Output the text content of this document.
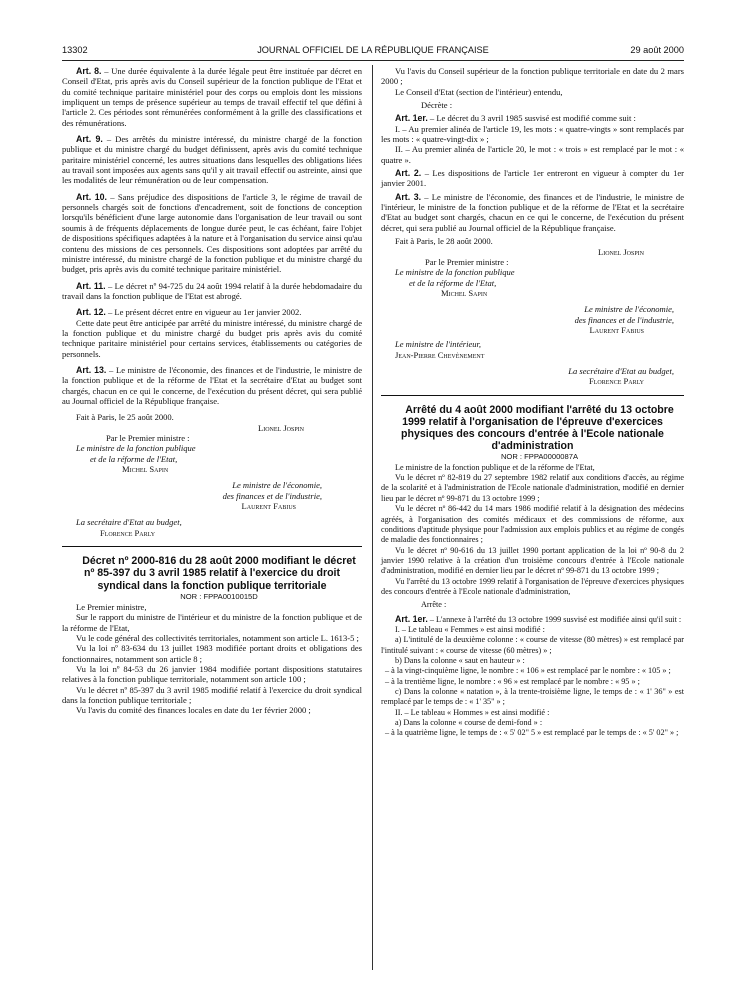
13302	JOURNAL OFFICIEL DE LA RÉPUBLIQUE FRANÇAISE	29 août 2000

Art. 8. – Une durée équivalente à la durée légale peut être instituée par décret en Conseil d'Etat, pris après avis du Conseil supérieur de la fonction publique de l'Etat et du comité technique paritaire ministériel pour des corps ou emplois dont les missions impliquent un temps de présence supérieur au temps de travail effectif tel que défini à l'article 2. Ces périodes sont rémunérées conformément à la grille des classifications et des rémunérations.

Art. 9. – Des arrêtés du ministre intéressé, du ministre chargé de la fonction publique et du ministre chargé du budget définissent, après avis du comité technique paritaire ministériel concerné, les autres situations dans lesquelles des obligations liées au travail sont imposées aux agents sans qu'il y ait travail effectif ou astreinte, ainsi que les modalités de leur rémunération ou de leur compensation.

Art. 10. – Sans préjudice des dispositions de l'article 3, le régime de travail de personnels chargés soit de fonctions d'encadrement, soit de fonctions de conception lorsqu'ils bénéficient d'une large autonomie dans l'organisation de leur travail ou sont soumis à de fréquents déplacements de longue durée peut, le cas échéant, faire l'objet de dispositions spécifiques adaptées à la nature et à l'organisation du service ainsi qu'au contenu des missions de ces personnels. Ces dispositions sont adoptées par arrêté du ministre intéressé, du ministre chargé de la fonction publique et du ministre chargé du budget, pris après avis du comité technique paritaire ministériel.

Art. 11. – Le décret nº 94-725 du 24 août 1994 relatif à la durée hebdomadaire du travail dans la fonction publique de l'Etat est abrogé.

Art. 12. – Le présent décret entre en vigueur au 1er janvier 2002.

Cette date peut être anticipée par arrêté du ministre intéressé, du ministre chargé de la fonction publique et du ministre chargé du budget pris après avis du comité technique paritaire ministériel pour certains services, établissements ou catégories de personnels.

Art. 13. – Le ministre de l'économie, des finances et de l'industrie, le ministre de la fonction publique et de la réforme de l'Etat et la secrétaire d'Etat au budget sont chargés, chacun en ce qui le concerne, de l'exécution du présent décret, qui sera publié au Journal officiel de la République française.

Fait à Paris, le 25 août 2000.

Lionel Jospin

Par le Premier ministre :

Le ministre de la fonction publique

et de la réforme de l'Etat,

Michel Sapin

Le ministre de l'économie,

des finances et de l'industrie,

Laurent Fabius

La secrétaire d'Etat au budget,

Florence Parly

Décret nº 2000-816 du 28 août 2000 modifiant le décret nº 85-397 du 3 avril 1985 relatif à l'exercice du droit syndical dans la fonction publique territoriale

NOR : FPPA0010015D

Le Premier ministre,

Sur le rapport du ministre de l'intérieur et du ministre de la fonction publique et de la réforme de l'Etat,

Vu le code général des collectivités territoriales, notamment son article L. 1613-5 ;

Vu la loi nº 83-634 du 13 juillet 1983 modifiée portant droits et obligations des fonctionnaires, notamment son article 8 ;

Vu la loi nº 84-53 du 26 janvier 1984 modifiée portant dispositions statutaires relatives à la fonction publique territoriale, notamment son article 100 ;

Vu le décret nº 85-397 du 3 avril 1985 modifié relatif à l'exercice du droit syndical dans la fonction publique territoriale ;

Vu l'avis du comité des finances locales en date du 1er février 2000 ;

Vu l'avis du Conseil supérieur de la fonction publique territoriale en date du 2 mars 2000 ;

Le Conseil d'Etat (section de l'intérieur) entendu,

Décrète :

Art. 1er. – Le décret du 3 avril 1985 susvisé est modifié comme suit :

I. – Au premier alinéa de l'article 19, les mots : « quatre-vingts » sont remplacés par les mots : « quatre-vingt-dix » ;

II. – Au premier alinéa de l'article 20, le mot : « trois » est remplacé par le mot : « quatre ».

Art. 2. – Les dispositions de l'article 1er entreront en vigueur à compter du 1er janvier 2001.

Art. 3. – Le ministre de l'économie, des finances et de l'industrie, le ministre de l'intérieur, le ministre de la fonction publique et de la réforme de l'Etat et la secrétaire d'Etat au budget sont chargés, chacun en ce qui le concerne, de l'exécution du présent décret, qui sera publié au Journal officiel de la République française.

Fait à Paris, le 28 août 2000.

Lionel Jospin

Par le Premier ministre :

Le ministre de la fonction publique

et de la réforme de l'Etat,

Michel Sapin

Le ministre de l'économie,

des finances et de l'industrie,

Laurent Fabius

Le ministre de l'intérieur,

Jean-Pierre Chevènement

La secrétaire d'Etat au budget,

Florence Parly

Arrêté du 4 août 2000 modifiant l'arrêté du 13 octobre 1999 relatif à l'organisation de l'épreuve d'exercices physiques des concours d'entrée à l'Ecole nationale d'administration

NOR : FPPA0000087A

Le ministre de la fonction publique et de la réforme de l'Etat,

Vu le décret nº 82-819 du 27 septembre 1982 relatif aux conditions d'accès, au régime de la scolarité et à l'administration de l'Ecole nationale d'administration, modifié en dernier lieu par le décret nº 99-871 du 13 octobre 1999 ;

Vu le décret nº 86-442 du 14 mars 1986 modifié relatif à la désignation des médecins agréés, à l'organisation des comités médicaux et des commissions de réforme, aux conditions d'aptitude physique pour l'admission aux emplois publics et au régime de congés de maladie des fonctionnaires ;

Vu le décret nº 90-616 du 13 juillet 1990 portant application de la loi nº 90-8 du 2 janvier 1990 relative à la création d'un troisième concours d'entrée à l'Ecole nationale d'administration, modifié en dernier lieu par le décret nº 99-871 du 13 octobre 1999 ;

Vu l'arrêté du 13 octobre 1999 relatif à l'organisation de l'épreuve d'exercices physiques des concours d'entrée à l'Ecole nationale d'administration,

Arrête :

Art. 1er. – L'annexe à l'arrêté du 13 octobre 1999 susvisé est modifiée ainsi qu'il suit :

I. – Le tableau « Femmes » est ainsi modifié :

a) L'intitulé de la deuxième colonne : « course de vitesse (80 mètres) » est remplacé par l'intitulé suivant : « course de vitesse (60 mètres) » ;

b) Dans la colonne « saut en hauteur » :

– à la vingt-cinquième ligne, le nombre : « 106 » est remplacé par le nombre : « 105 » ;

– à la trentième ligne, le nombre : « 96 » est remplacé par le nombre : « 95 » ;

c) Dans la colonne « natation », à la trente-troisième ligne, le temps de : « 1' 36" » est remplacé par le temps de : « 1' 35" » ;

II. – Le tableau « Hommes » est ainsi modifié :

a) Dans la colonne « course de demi-fond » :

– à la quatrième ligne, le temps de : « 5' 02" 5 » est remplacé par le temps de : « 5' 02" » ;
